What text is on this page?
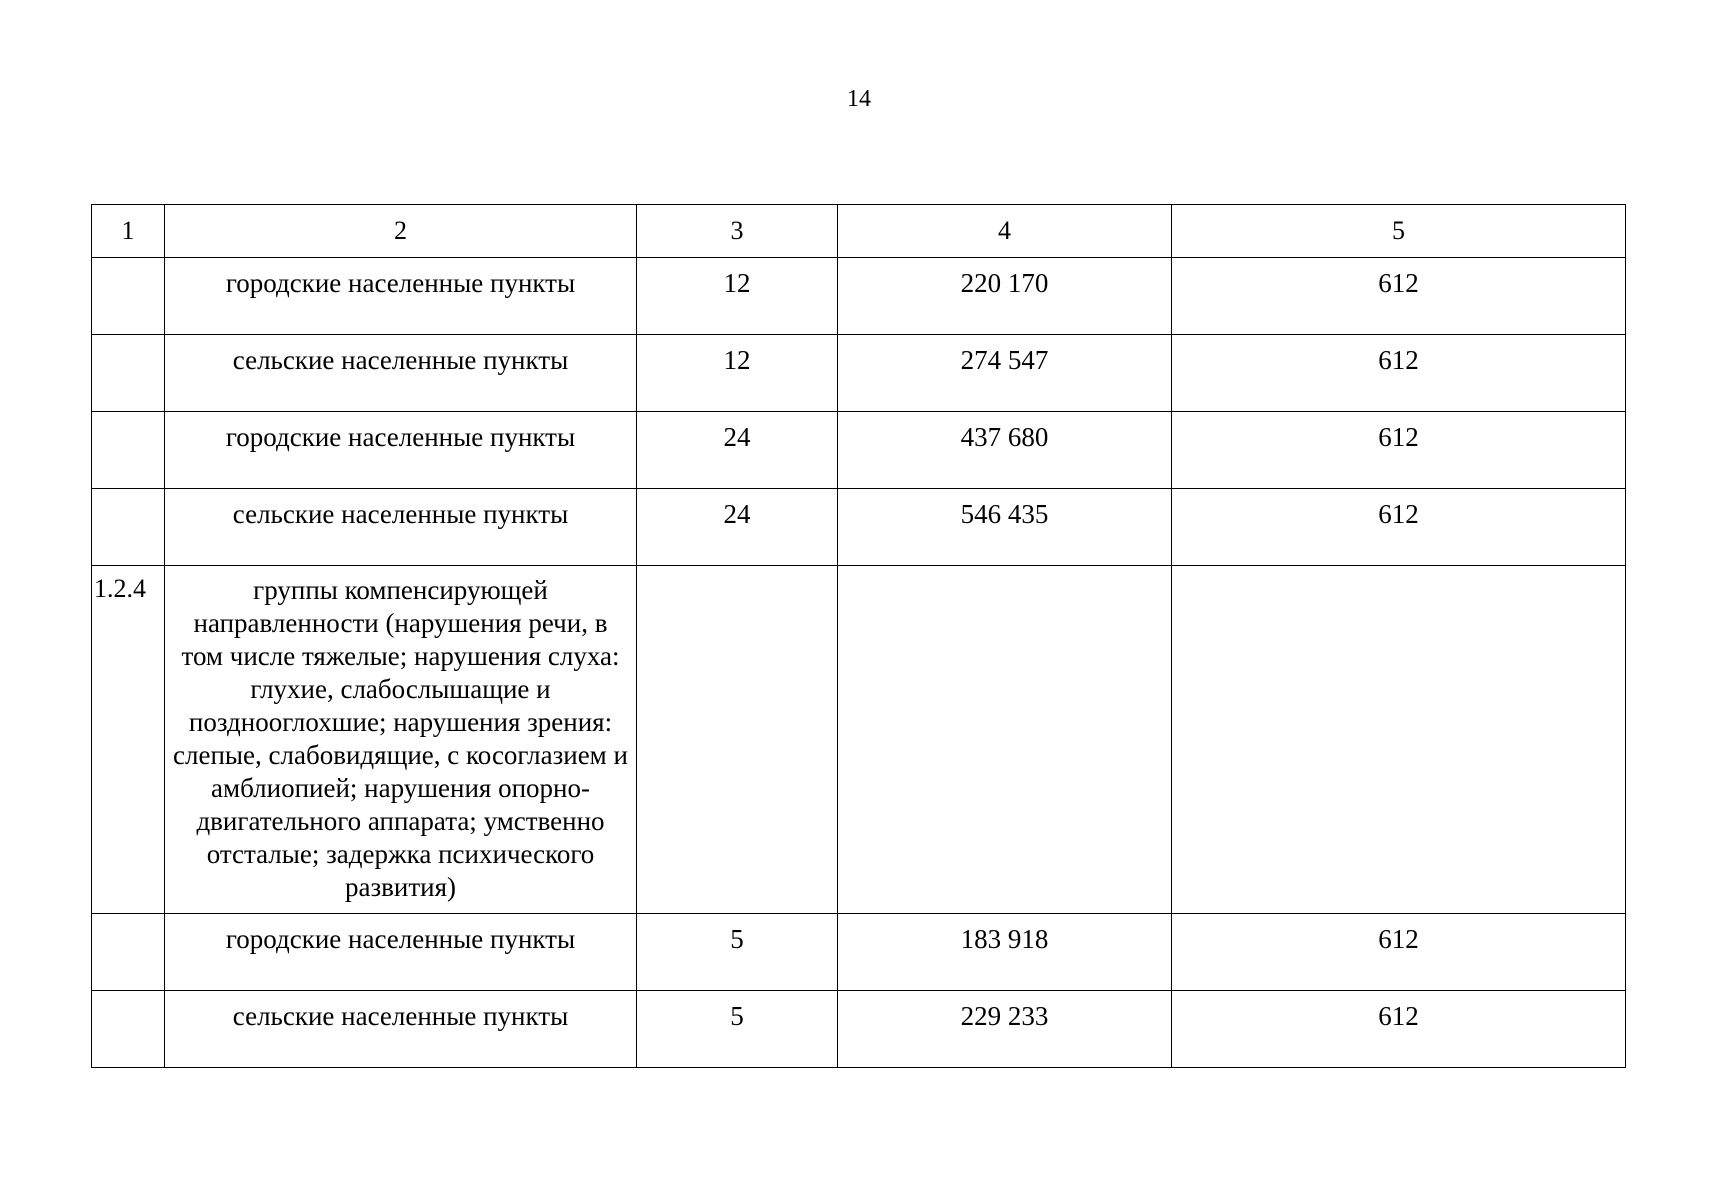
14
1	2	3	4	5
	городские населенные пункты	12	220 170	612
	сельские населенные пункты	12	274 547	612
	городские населенные пункты	24	437 680	612
	сельские населенные пункты	24	546 435	612
1.2.4	группы компенсирующей направленности (нарушения речи, в том числе тяжелые; нарушения слуха: глухие, слабослышащие и позднооглохшие; нарушения зрения: слепые, слабовидящие, с косоглазием и амблиопией; нарушения опорно-двигательного аппарата; умственно отсталые; задержка психического развития)			
	городские населенные пункты	5	183 918	612
	сельские населенные пункты	5	229 233	612
